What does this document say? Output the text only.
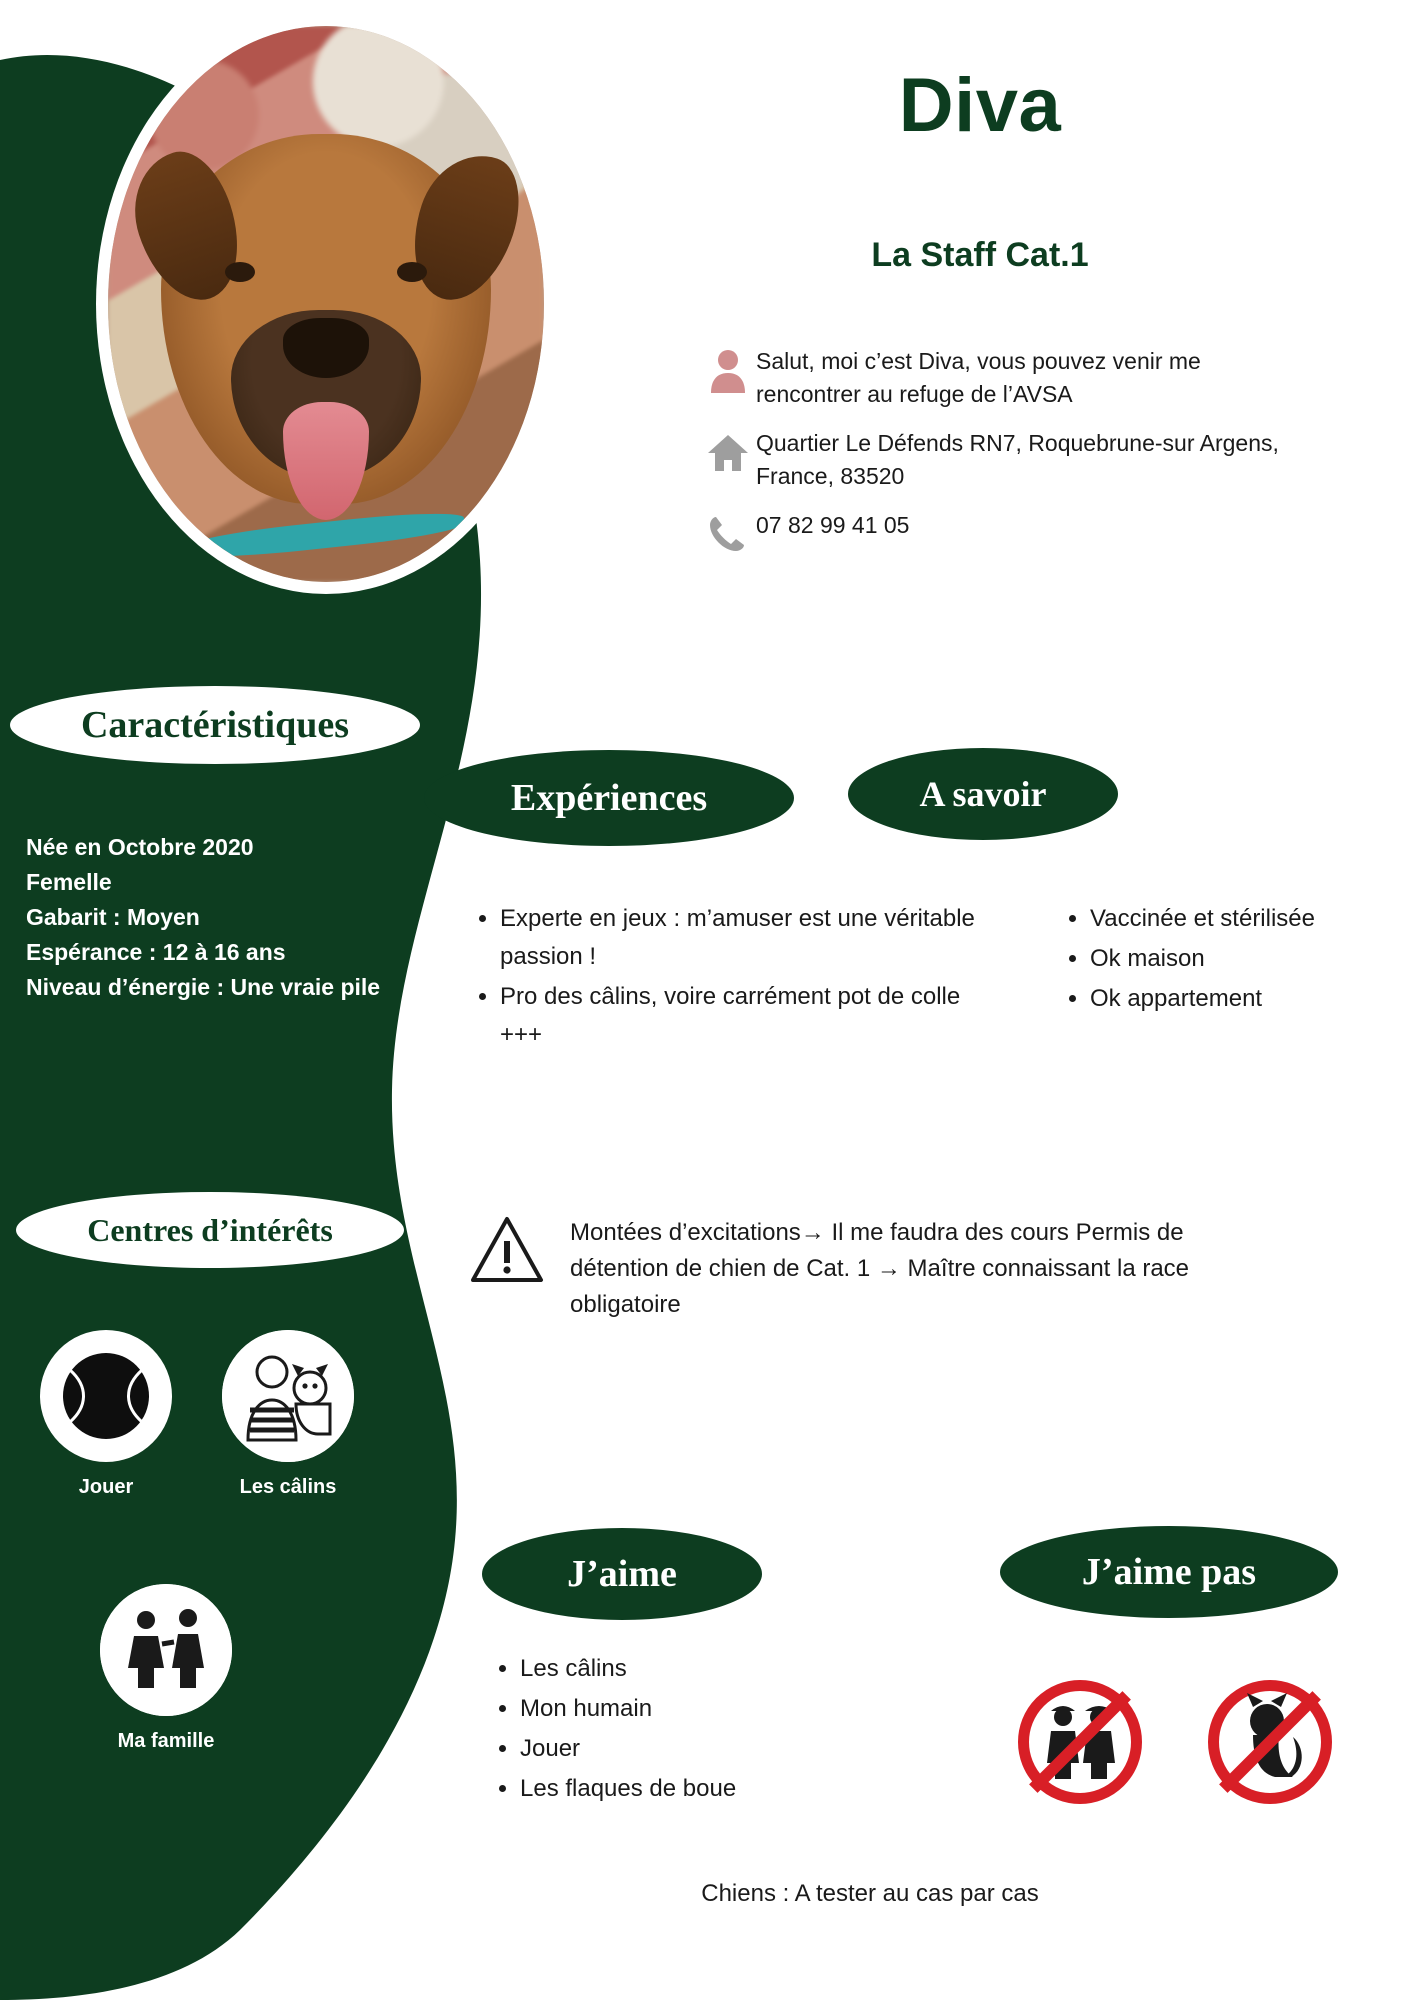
Diva
La Staff Cat.1
Salut, moi c’est Diva, vous pouvez venir me rencontrer au refuge de l’AVSA
Quartier Le Défends RN7, Roquebrune-sur Argens, France, 83520
07 82 99 41 05
Caractéristiques
Née en Octobre 2020
Femelle
Gabarit : Moyen
Espérance : 12 à 16 ans
Niveau d’énergie : Une vraie pile
Expériences
• Experte en jeux : m’amuser est une véritable passion !
• Pro des câlins, voire carrément pot de colle +++
A savoir
• Vaccinée et stérilisée
• Ok maison
• Ok appartement
Centres d’intérêts
Jouer	Les câlins
Ma famille
Montées d’excitations→ Il me faudra des cours Permis de détention de chien de Cat. 1 → Maître connaissant la race obligatoire
J’aime
• Les câlins
• Mon humain
• Jouer
• Les flaques de boue
J’aime pas
Chiens : A tester au cas par cas
